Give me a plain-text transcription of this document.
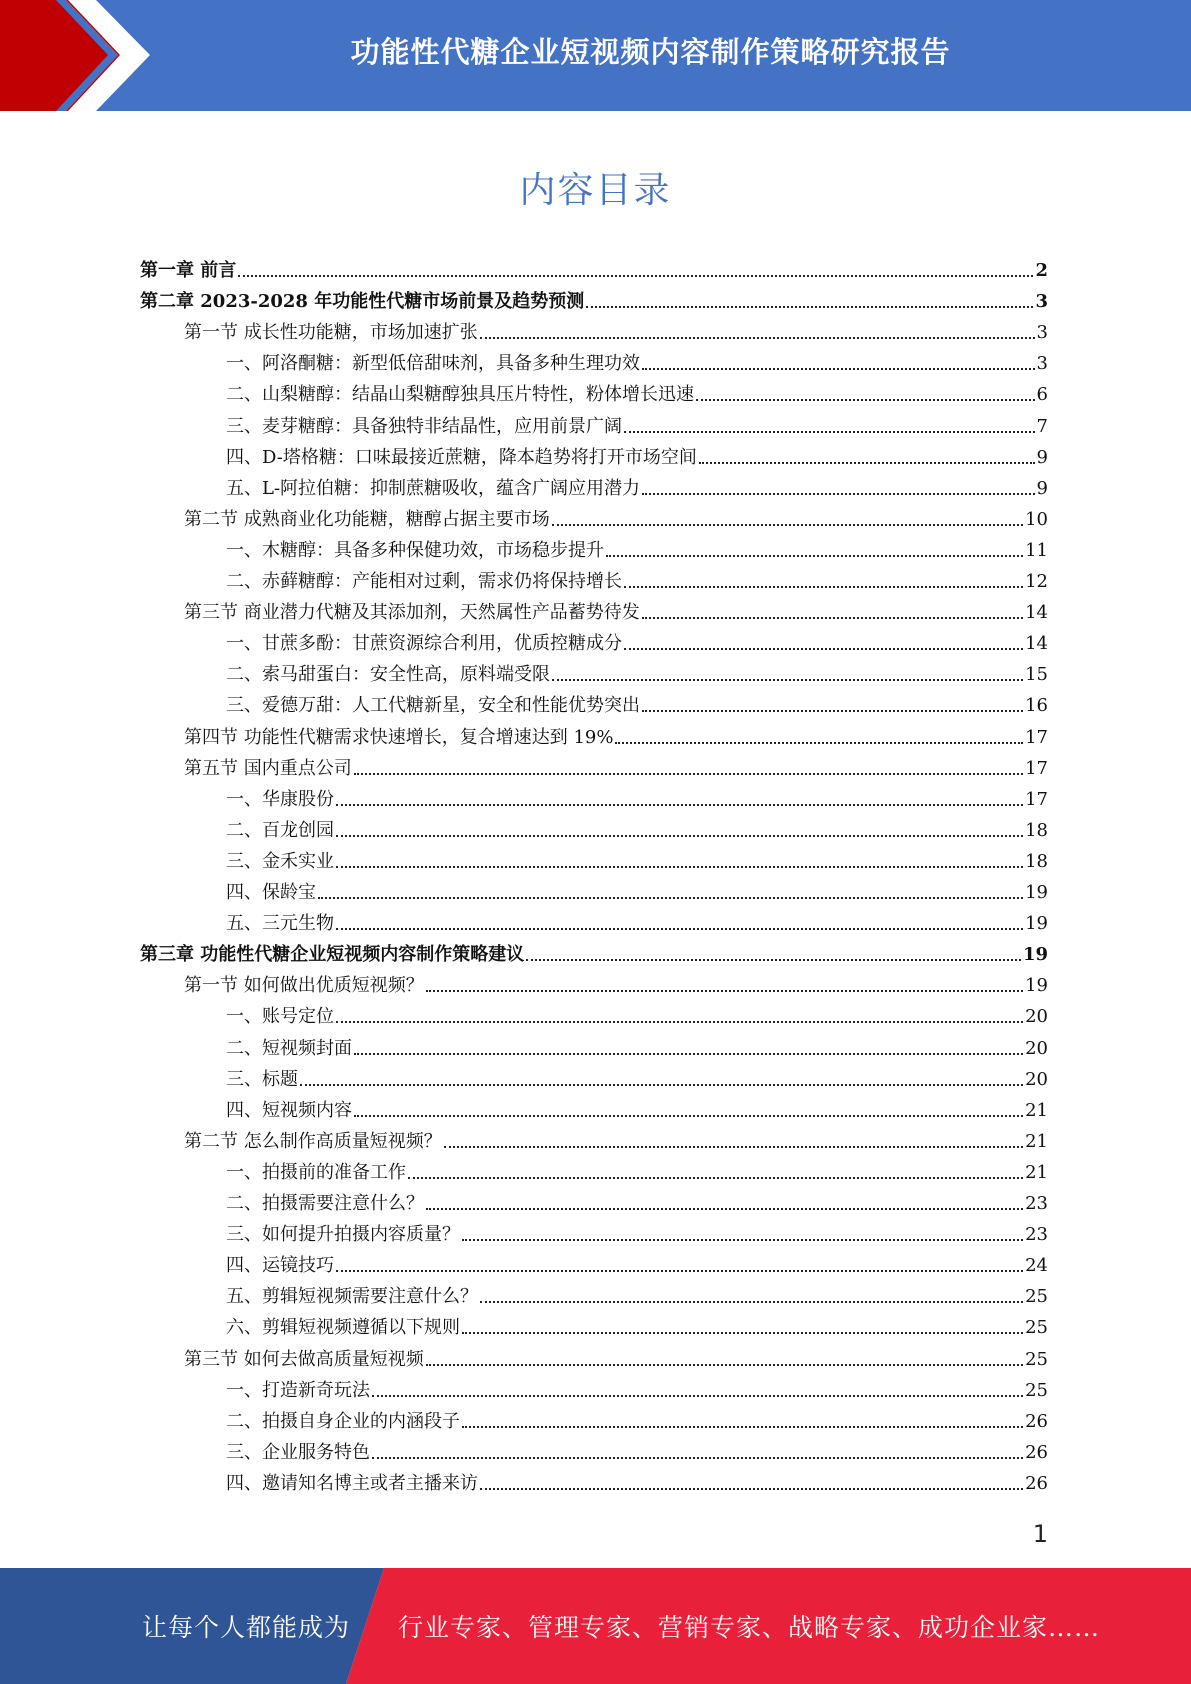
功能性代糖企业短视频内容制作策略研究报告
内容目录
第一章 前言	2
第二章 2023-2028 年功能性代糖市场前景及趋势预测	3
第一节 成长性功能糖，市场加速扩张	3
一、阿洛酮糖：新型低倍甜味剂，具备多种生理功效	3
二、山梨糖醇：结晶山梨糖醇独具压片特性，粉体增长迅速	6
三、麦芽糖醇：具备独特非结晶性，应用前景广阔	7
四、D-塔格糖：口味最接近蔗糖，降本趋势将打开市场空间	9
五、L-阿拉伯糖：抑制蔗糖吸收，蕴含广阔应用潜力	9
第二节 成熟商业化功能糖，糖醇占据主要市场	10
一、木糖醇：具备多种保健功效，市场稳步提升	11
二、赤藓糖醇：产能相对过剩，需求仍将保持增长	12
第三节 商业潜力代糖及其添加剂，天然属性产品蓄势待发	14
一、甘蔗多酚：甘蔗资源综合利用，优质控糖成分	14
二、索马甜蛋白：安全性高，原料端受限	15
三、爱德万甜：人工代糖新星，安全和性能优势突出	16
第四节 功能性代糖需求快速增长，复合增速达到 19%	17
第五节 国内重点公司	17
一、华康股份	17
二、百龙创园	18
三、金禾实业	18
四、保龄宝	19
五、三元生物	19
第三章 功能性代糖企业短视频内容制作策略建议	19
第一节 如何做出优质短视频？	19
一、账号定位	20
二、短视频封面	20
三、标题	20
四、短视频内容	21
第二节 怎么制作高质量短视频？	21
一、拍摄前的准备工作	21
二、拍摄需要注意什么？	23
三、如何提升拍摄内容质量？	23
四、运镜技巧	24
五、剪辑短视频需要注意什么？	25
六、剪辑短视频遵循以下规则	25
第三节 如何去做高质量短视频	25
一、打造新奇玩法	25
二、拍摄自身企业的内涵段子	26
三、企业服务特色	26
四、邀请知名博主或者主播来访	26
1
让每个人都能成为 行业专家、管理专家、营销专家、战略专家、成功企业家……
